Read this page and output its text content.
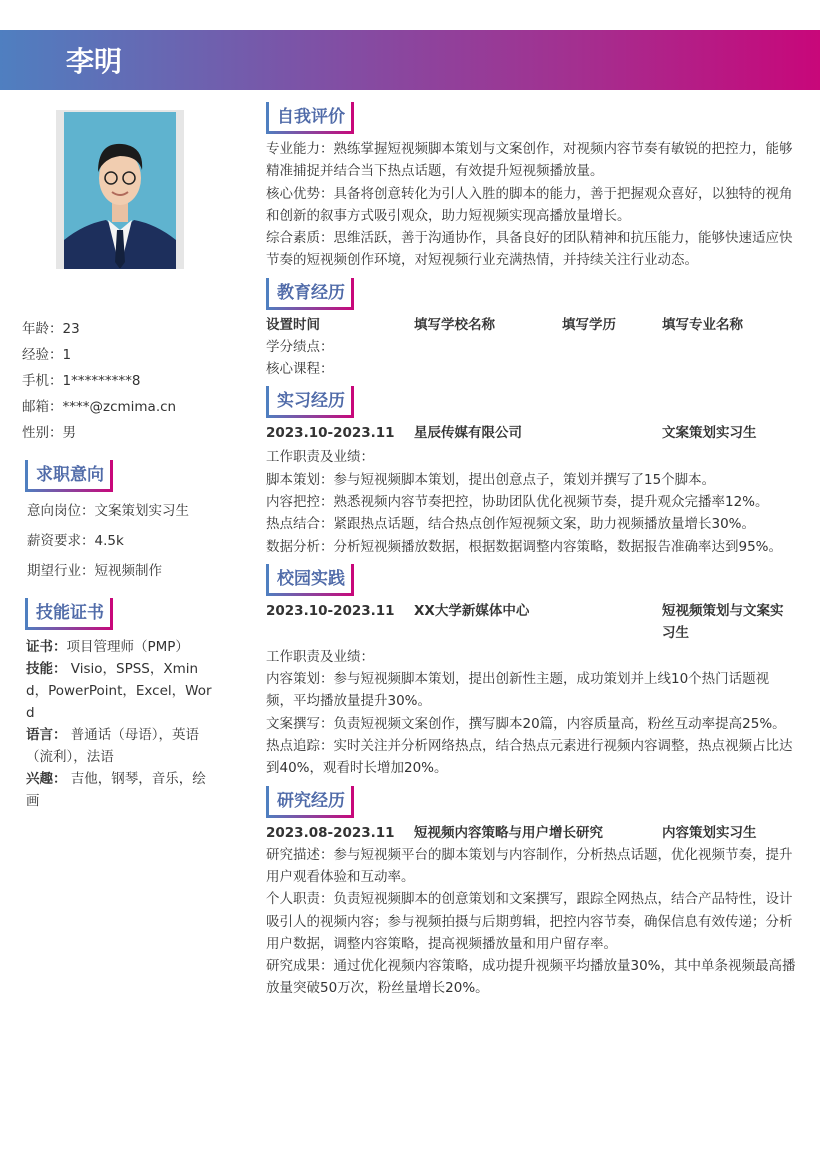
李明
年龄：23
经验：1
手机：1*********8
邮箱：****@zcmima.cn
性别：男
求职意向
意向岗位：文案策划实习生
薪资要求：4.5k
期望行业：短视频制作
技能证书
证书：项目管理师（PMP）
技能： Visio，SPSS，Xmind，PowerPoint，Excel，Word
语言： 普通话（母语），英语（流利），法语
兴趣： 吉他，钢琴，音乐，绘画
自我评价

专业能力：熟练掌握短视频脚本策划与文案创作，对视频内容节奏有敏锐的把控力，能够精准捕捉并结合当下热点话题，有效提升短视频播放量。

核心优势：具备将创意转化为引人入胜的脚本的能力，善于把握观众喜好，以独特的视角和创新的叙事方式吸引观众，助力短视频实现高播放量增长。

综合素质：思维活跃，善于沟通协作，具备良好的团队精神和抗压能力，能够快速适应快节奏的短视频创作环境，对短视频行业充满热情，并持续关注行业动态。

教育经历
设置时间	填写学校名称	填写学历	填写专业名称

学分绩点：

核心课程：

实习经历
2023.10-2023.11	星辰传媒有限公司	文案策划实习生

工作职责及业绩：

脚本策划：参与短视频脚本策划，提出创意点子，策划并撰写了15个脚本。

内容把控：熟悉视频内容节奏把控，协助团队优化视频节奏，提升观众完播率12%。

热点结合：紧跟热点话题，结合热点创作短视频文案，助力视频播放量增长30%。

数据分析：分析短视频播放数据，根据数据调整内容策略，数据报告准确率达到95%。

校园实践
2023.10-2023.11	XX大学新媒体中心	短视频策划与文案实习生

工作职责及业绩：

内容策划：参与短视频脚本策划，提出创新性主题，成功策划并上线10个热门话题视频，平均播放量提升30%。

文案撰写：负责短视频文案创作，撰写脚本20篇，内容质量高，粉丝互动率提高25%。

热点追踪：实时关注并分析网络热点，结合热点元素进行视频内容调整，热点视频占比达到40%，观看时长增加20%。

研究经历
2023.08-2023.11	短视频内容策略与用户增长研究	内容策划实习生

研究描述：参与短视频平台的脚本策划与内容制作，分析热点话题，优化视频节奏，提升用户观看体验和互动率。

个人职责：负责短视频脚本的创意策划和文案撰写，跟踪全网热点，结合产品特性，设计吸引人的视频内容；参与视频拍摄与后期剪辑，把控内容节奏，确保信息有效传递；分析用户数据，调整内容策略，提高视频播放量和用户留存率。

研究成果：通过优化视频内容策略，成功提升视频平均播放量30%，其中单条视频最高播放量突破50万次，粉丝量增长20%。
